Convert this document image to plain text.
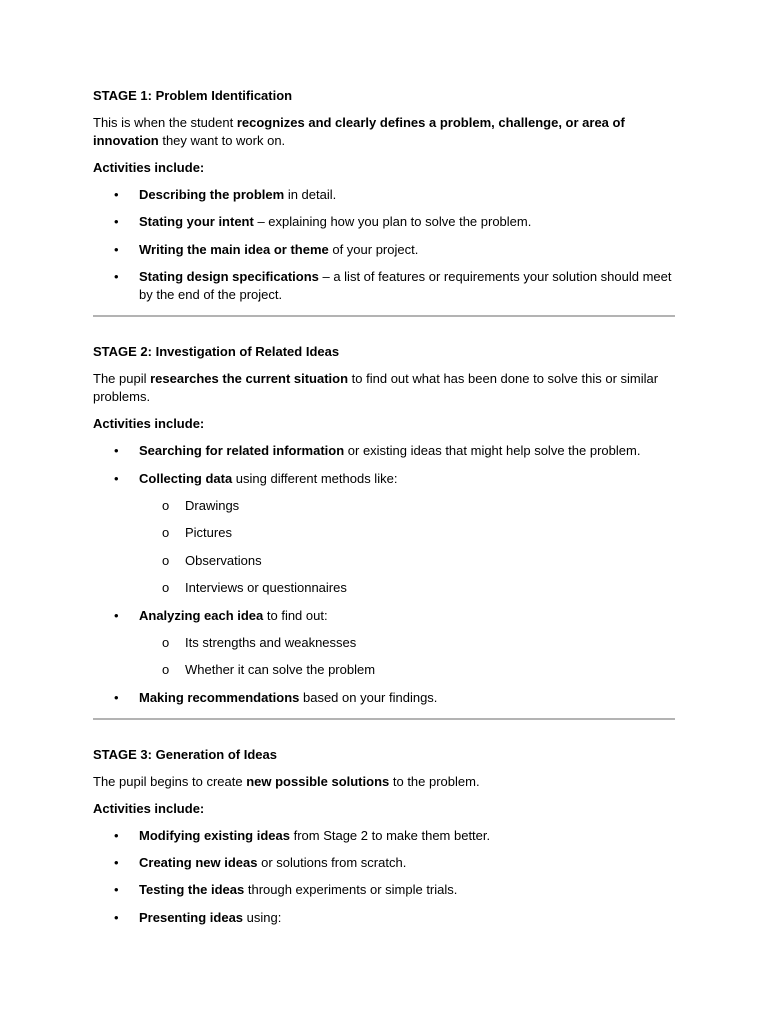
STAGE 1: Problem Identification

This is when the student recognizes and clearly defines a problem, challenge, or area of innovation they want to work on.

Activities include:

• Describing the problem in detail.
• Stating your intent – explaining how you plan to solve the problem.
• Writing the main idea or theme of your project.
• Stating design specifications – a list of features or requirements your solution should meet by the end of the project.
STAGE 2: Investigation of Related Ideas

The pupil researches the current situation to find out what has been done to solve this or similar problems.

Activities include:

• Searching for related information or existing ideas that might help solve the problem.
• Collecting data using different methods like:
o Drawings
o Pictures
o Observations
o Interviews or questionnaires
• Analyzing each idea to find out:
o Its strengths and weaknesses
o Whether it can solve the problem
• Making recommendations based on your findings.
STAGE 3: Generation of Ideas

The pupil begins to create new possible solutions to the problem.

Activities include:

• Modifying existing ideas from Stage 2 to make them better.
• Creating new ideas or solutions from scratch.
• Testing the ideas through experiments or simple trials.
• Presenting ideas using:
